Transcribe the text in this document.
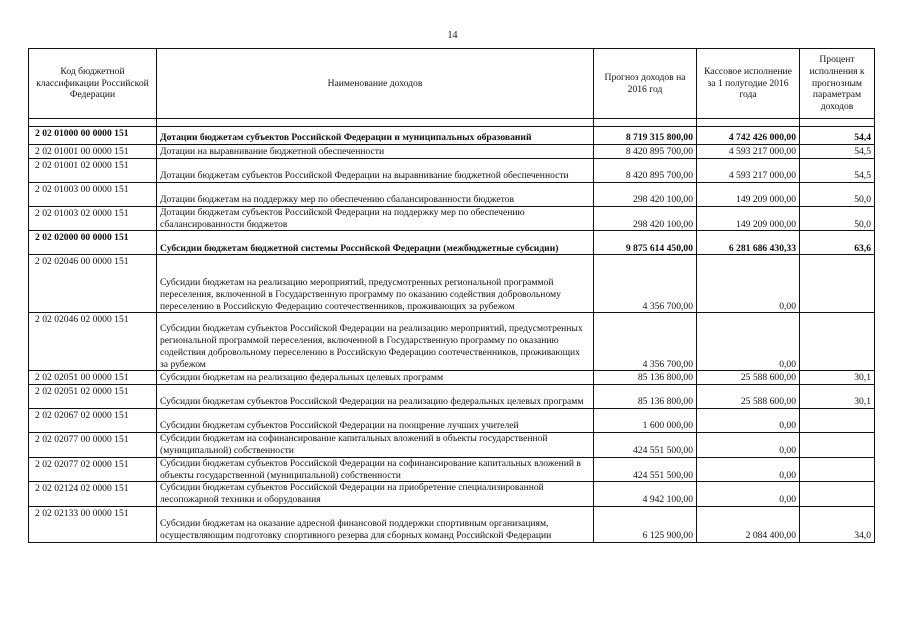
14
Код бюджетной классификации Российской Федерации	Наименование доходов	Прогноз доходов на 2016 год	Кассовое исполнение за 1 полугодие 2016 года	Процент исполнения к прогнозным параметрам доходов

2 02 01000 00 0000 151	Дотации бюджетам субъектов Российской Федерации и муниципальных образований	8 719 315 800,00	4 742 426 000,00	54,4
2 02 01001 00 0000 151	Дотации на выравнивание бюджетной обеспеченности	8 420 895 700,00	4 593 217 000,00	54,5
2 02 01001 02 0000 151	Дотации бюджетам субъектов Российской Федерации на выравнивание бюджетной обеспеченности	8 420 895 700,00	4 593 217 000,00	54,5
2 02 01003 00 0000 151	Дотации бюджетам на поддержку мер по обеспечению сбалансированности бюджетов	298 420 100,00	149 209 000,00	50,0
2 02 01003 02 0000 151	Дотации бюджетам субъектов Российской Федерации на поддержку мер по обеспечению сбалансированности бюджетов	298 420 100,00	149 209 000,00	50,0
2 02 02000 00 0000 151	Субсидии бюджетам бюджетной системы Российской Федерации (межбюджетные субсидии)	9 875 614 450,00	6 281 686 430,33	63,6
2 02 02046 00 0000 151	Субсидии бюджетам на реализацию мероприятий, предусмотренных региональной программой переселения, включенной в Государственную программу по оказанию содействия добровольному переселению в Российскую Федерацию соотечественников, проживающих за рубежом	4 356 700,00	0,00	
2 02 02046 02 0000 151	Субсидии бюджетам субъектов Российской Федерации на реализацию мероприятий, предусмотренных региональной программой переселения, включенной в Государственную программу по оказанию содействия добровольному переселению в Российскую Федерацию соотечественников, проживающих за рубежом	4 356 700,00	0,00	
2 02 02051 00 0000 151	Субсидии бюджетам на реализацию федеральных целевых программ	85 136 800,00	25 588 600,00	30,1
2 02 02051 02 0000 151	Субсидии бюджетам субъектов Российской Федерации на реализацию федеральных целевых программ	85 136 800,00	25 588 600,00	30,1
2 02 02067 02 0000 151	Субсидии бюджетам субъектов Российской Федерации на поощрение лучших учителей	1 600 000,00	0,00	
2 02 02077 00 0000 151	Субсидии бюджетам на софинансирование капитальных вложений в объекты государственной (муниципальной) собственности	424 551 500,00	0,00	
2 02 02077 02 0000 151	Субсидии бюджетам субъектов Российской Федерации на софинансирование капитальных вложений в объекты государственной (муниципальной) собственности	424 551 500,00	0,00	
2 02 02124 02 0000 151	Субсидии бюджетам субъектов Российской Федерации на приобретение специализированной лесопожарной техники и оборудования	4 942 100,00	0,00	
2 02 02133 00 0000 151	Субсидии бюджетам на оказание адресной финансовой поддержки спортивным организациям, осуществляющим подготовку спортивного резерва для сборных команд Российской Федерации	6 125 900,00	2 084 400,00	34,0
